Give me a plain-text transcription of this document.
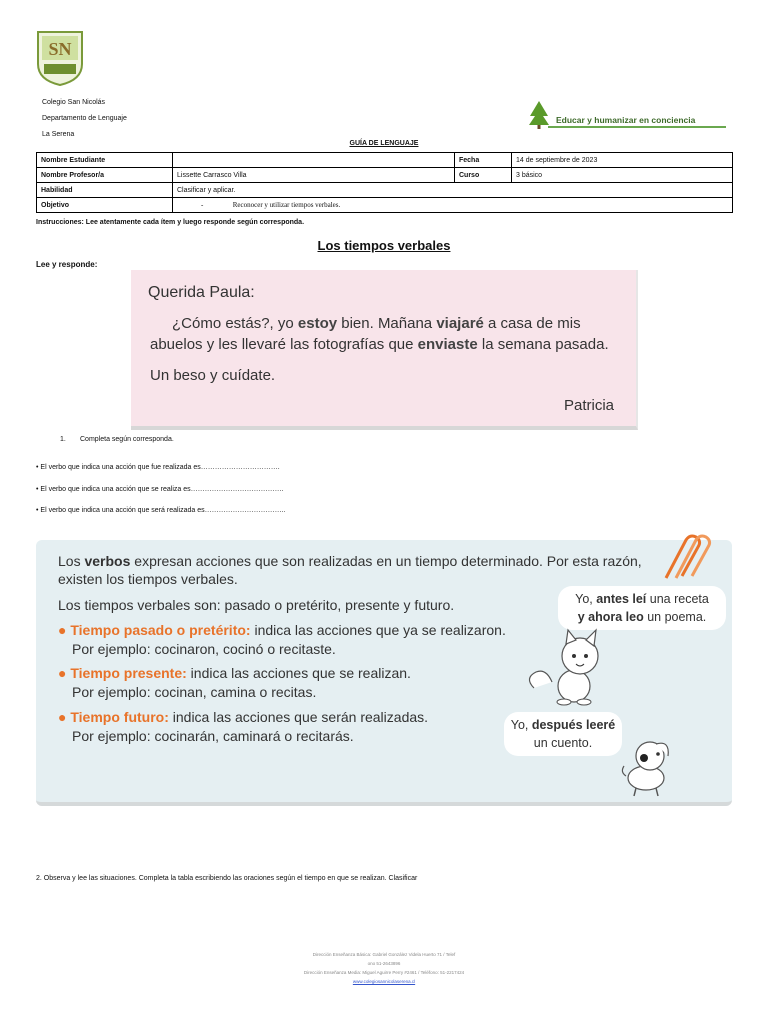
SN
Colegio San Nicolás
Departamento de Lenguaje
La Serena
Educar y humanizar en conciencia
GUÍA DE LENGUAJE
Nombre Estudiante		Fecha	14 de septiembre de 2023
Nombre Profesor/a	Lissette Carrasco Villa	Curso	3 básico
Habilidad	Clasificar y aplicar.		
Objetivo	- Reconocer y utilizar tiempos verbales.		
Instrucciones: Lee atentamente cada ítem y luego responde según corresponda.
Los tiempos verbales
Lee y responde:
Querida Paula:
¿Cómo estás?, yo estoy bien. Mañana viajaré a casa de mis abuelos y les llevaré las fotografías que enviaste la semana pasada.
Un beso y cuídate.
Patricia
1. Completa según corresponda.
• El verbo que indica una acción que fue realizada es…………………………….
• El verbo que indica una acción que se realiza es………………………………….
• El verbo que indica una acción que será realizada es……………………………..
Los verbos expresan acciones que son realizadas en un tiempo determinado. Por esta razón,
existen los tiempos verbales.
Los tiempos verbales son: pasado o pretérito, presente y futuro.
● Tiempo pasado o pretérito: indica las acciones que ya se realizaron.
Por ejemplo: cocinaron, cocinó o recitaste.
● Tiempo presente: indica las acciones que se realizan.
Por ejemplo: cocinan, camina o recitas.
● Tiempo futuro: indica las acciones que serán realizadas.
Por ejemplo: cocinarán, caminará o recitarás.
Yo, antes leí una receta
y ahora leo un poema.
Yo, después leeré
un cuento.
2. Observa y lee las situaciones. Completa la tabla escribiendo las oraciones según el tiempo en que se realizan. Clasificar
Dirección Enseñanza Básica: Gabriel González Videla Huerto 71 / Telef
ono 51-2643896
Dirección Enseñanza Media: Miguel Aguirre Perry #2461 / Teléfono: 51-2217424
www.colegiosannicolaserena.cl
